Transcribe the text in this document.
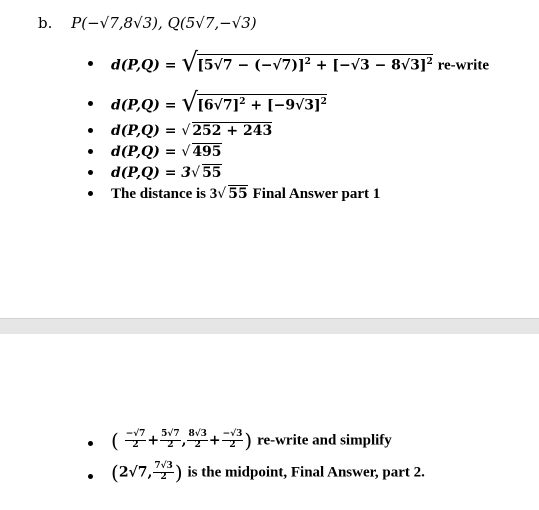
b. P(−√7,8√3), Q(5√7,−√3)
d(P,Q) = √ $[5√7 - (-√7)]^2 + [-√3 - 8√3]^2$ re-write
d(P,Q) = √ $[6√7]^2 + [-9√3]^2$
d(P,Q) = √ 252 + 243
d(P,Q) = √ 495
d(P,Q) = 3 √ 55
The distance is 3 √ 55 Final Answer part 1
( $\frac{-√7}{2} + \frac{5√7}{2}$ , $\frac{8√3}{2} + \frac{-√3}{2}$ ) re-write and simplify
(2√7, $\frac{7√3}{2}$ ) is the midpoint, Final Answer, part 2.
